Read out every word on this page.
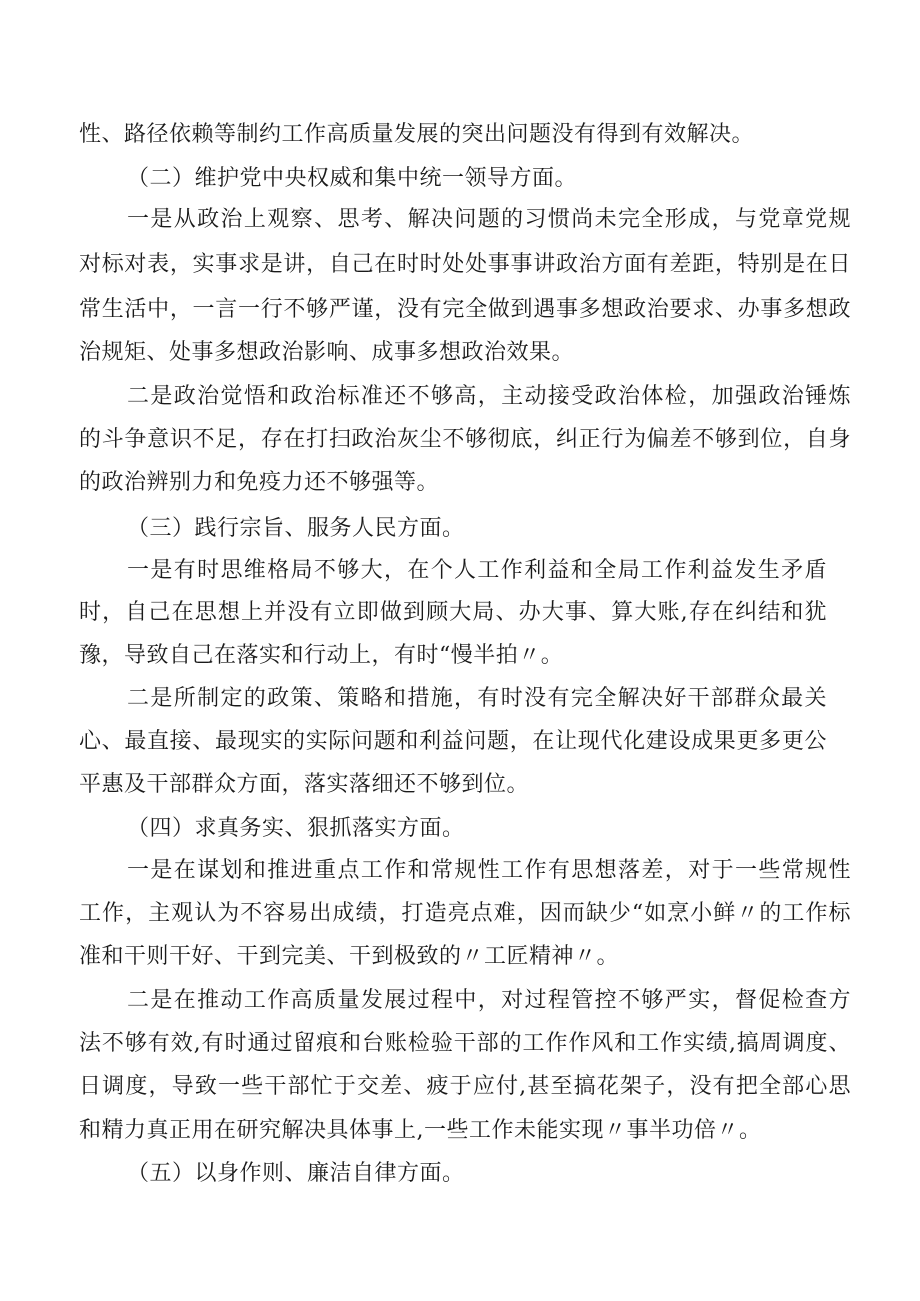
性、路径依赖等制约工作高质量发展的突出问题没有得到有效解决。
（二）维护党中央权威和集中统一领导方面。
一是从政治上观察、思考、解决问题的习惯尚未完全形成，与党章党规
对标对表，实事求是讲，自己在时时处处事事讲政治方面有差距，特别是在日
常生活中，一言一行不够严谨，没有完全做到遇事多想政治要求、办事多想政
治规矩、处事多想政治影响、成事多想政治效果。
二是政治觉悟和政治标准还不够高，主动接受政治体检，加强政治锤炼
的斗争意识不足，存在打扫政治灰尘不够彻底，纠正行为偏差不够到位，自身
的政治辨别力和免疫力还不够强等。
（三）践行宗旨、服务人民方面。
一是有时思维格局不够大，在个人工作利益和全局工作利益发生矛盾
时，自己在思想上并没有立即做到顾大局、办大事、算大账,存在纠结和犹
豫，导致自己在落实和行动上，有时“慢半拍〃。
二是所制定的政策、策略和措施，有时没有完全解决好干部群众最关
心、最直接、最现实的实际问题和利益问题，在让现代化建设成果更多更公
平惠及干部群众方面，落实落细还不够到位。
（四）求真务实、狠抓落实方面。
一是在谋划和推进重点工作和常规性工作有思想落差，对于一些常规性
工作，主观认为不容易出成绩，打造亮点难，因而缺少“如烹小鲜〃的工作标
准和干则干好、干到完美、干到极致的〃工匠精神〃。
二是在推动工作高质量发展过程中，对过程管控不够严实，督促检查方
法不够有效,有时通过留痕和台账检验干部的工作作风和工作实绩,搞周调度、
日调度，导致一些干部忙于交差、疲于应付,甚至搞花架子，没有把全部心思
和精力真正用在研究解决具体事上,一些工作未能实现〃事半功倍〃。
（五）以身作则、廉洁自律方面。
